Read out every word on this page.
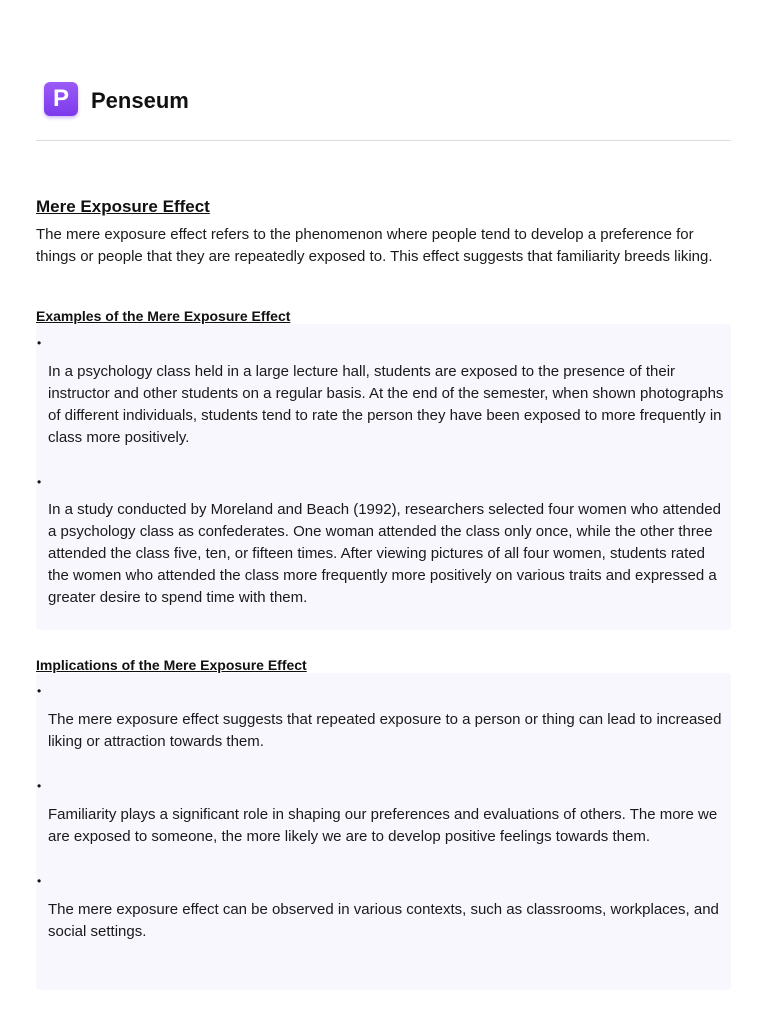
P	Penseum
Mere Exposure Effect

The mere exposure effect refers to the phenomenon where people tend to develop a preference for things or people that they are repeatedly exposed to. This effect suggests that familiarity breeds liking.

Examples of the Mere Exposure Effect
•

In a psychology class held in a large lecture hall, students are exposed to the presence of their instructor and other students on a regular basis. At the end of the semester, when shown photographs of different individuals, students tend to rate the person they have been exposed to more frequently in class more positively.

•

In a study conducted by Moreland and Beach (1992), researchers selected four women who attended a psychology class as confederates. One woman attended the class only once, while the other three attended the class five, ten, or fifteen times. After viewing pictures of all four women, students rated the women who attended the class more frequently more positively on various traits and expressed a greater desire to spend time with them.

Implications of the Mere Exposure Effect
•

The mere exposure effect suggests that repeated exposure to a person or thing can lead to increased liking or attraction towards them.

•

Familiarity plays a significant role in shaping our preferences and evaluations of others. The more we are exposed to someone, the more likely we are to develop positive feelings towards them.

•

The mere exposure effect can be observed in various contexts, such as classrooms, workplaces, and social settings.
